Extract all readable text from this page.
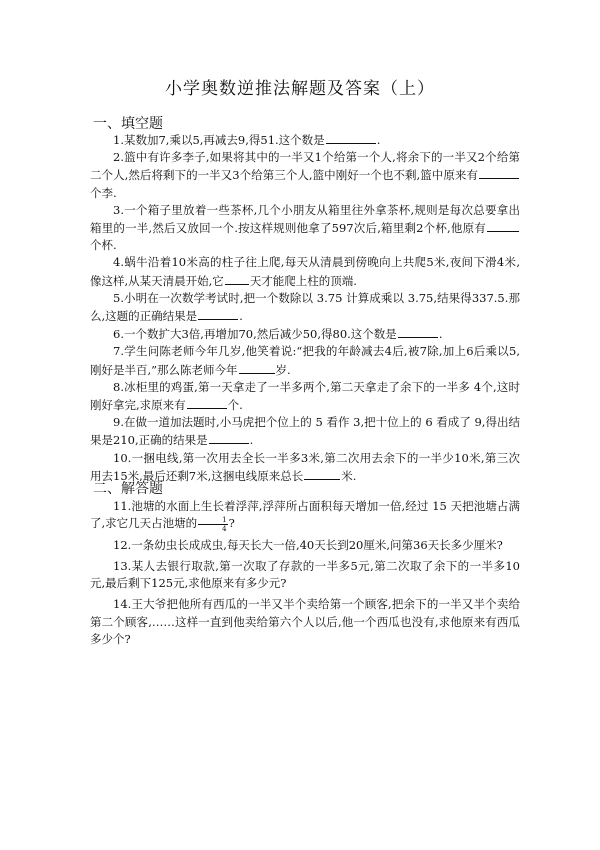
小学奥数逆推法解题及答案（上）
一、填空题

1.某数加7,乘以5,再减去9,得51.这个数是	.

2.篮中有许多李子,如果将其中的一半又1个给第一个人,将余下的一半又2个给第二个人,然后将剩下的一半又3个给第三个人,篮中刚好一个也不剩,篮中原来有个李.

3.一个箱子里放着一些茶杯,几个小朋友从箱里往外拿茶杯,规则是每次总要拿出箱里的一半,然后又放回一个.按这样规则他拿了597次后,箱里剩2个杯,他原有个杯.

4.蜗牛沿着10米高的柱子往上爬,每天从清晨到傍晚向上共爬5米,夜间下滑4米,像这样,从某天清晨开始,它 天才能爬上柱的顶端.

5.小明在一次数学考试时,把一个数除以 3.75 计算成乘以 3.75,结果得337.5.那么,这题的正确结果是	.

6.一个数扩大3倍,再增加70,然后减少50,得80.这个数是	.

7.学生问陈老师今年几岁,他笑着说:“把我的年龄减去4后,被7除,加上6后乘以5,刚好是半百,”那么陈老师今年	岁.

8.冰柜里的鸡蛋,第一天拿走了一半多两个,第二天拿走了余下的一半多 4个,这时刚好拿完,求原来有	个.

9.在做一道加法题时,小马虎把个位上的 5 看作 3,把十位上的 6 看成了 9,得出结果是210,正确的结果是	.

10.一捆电线,第一次用去全长一半多3米,第二次用去余下的一半少10米,第三次用去15米,最后还剩7米,这捆电线原来总长	米.

二、解答题

11.池塘的水面上生长着浮萍,浮萍所占面积每天增加一倍,经过 15 天把池塘占满了,求它几天占池塘的 $\frac{1}{4}$ ?

12.一条幼虫长成成虫,每天长大一倍,40天长到20厘米,问第36天长多少厘米?

13.某人去银行取款,第一次取了存款的一半多5元,第二次取了余下的一半多10元,最后剩下125元,求他原来有多少元?

14.王大爷把他所有西瓜的一半又半个卖给第一个顾客,把余下的一半又半个卖给第二个顾客,……这样一直到他卖给第六个人以后,他一个西瓜也没有,求他原来有西瓜多少个?
